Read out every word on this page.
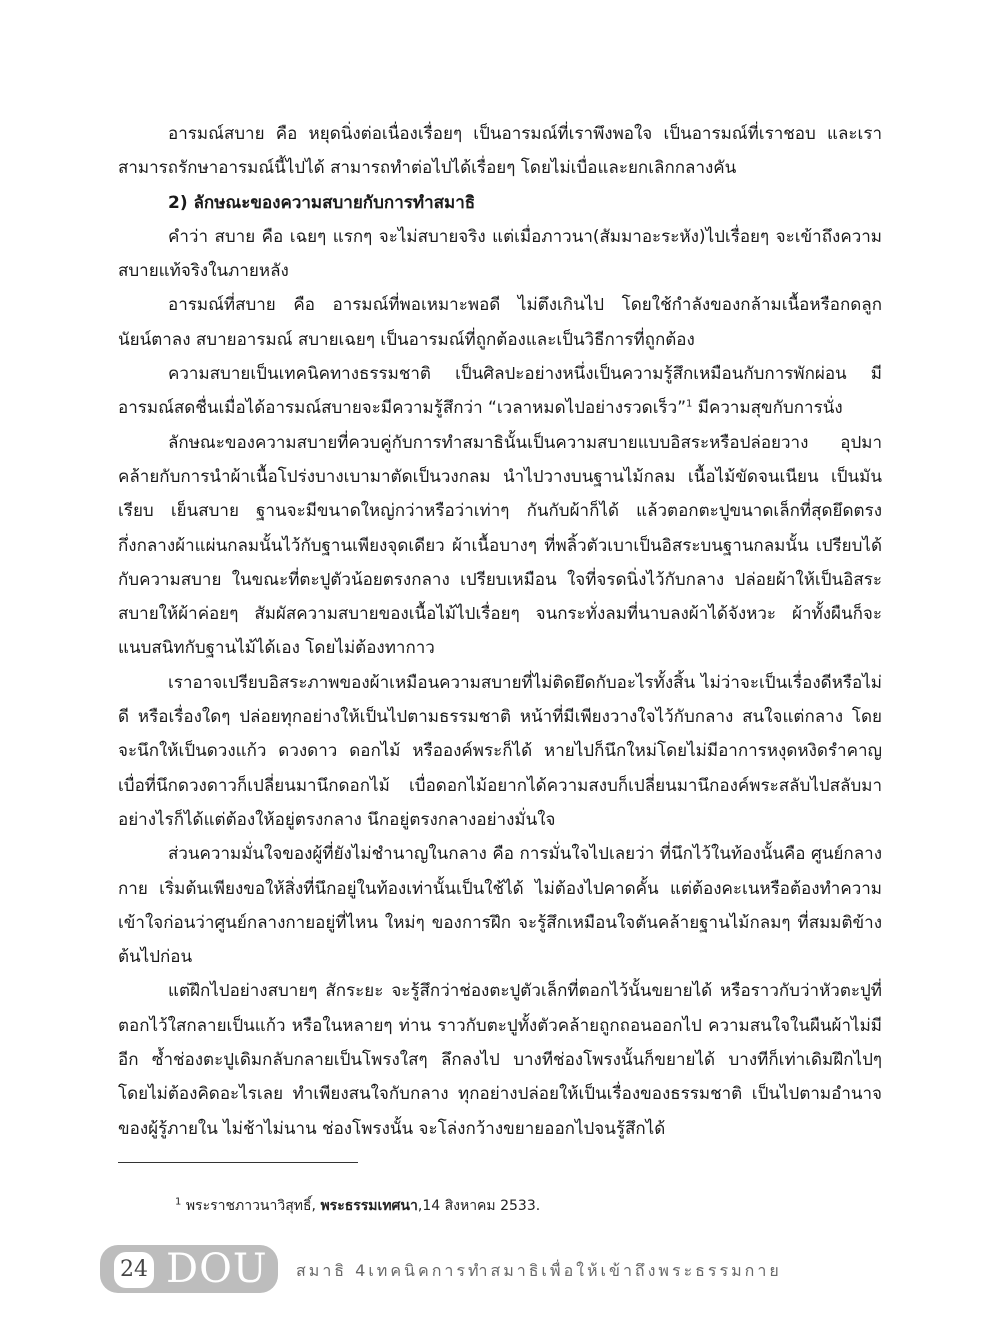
อารมณ์สบาย คือ หยุดนิ่งต่อเนื่องเรื่อยๆ เป็นอารมณ์ที่เราพึงพอใจ เป็นอารมณ์ที่เราชอบ และเราสามารถรักษาอารมณ์นี้ไปได้ สามารถทำต่อไปได้เรื่อยๆ โดยไม่เบื่อและยกเลิกกลางคัน

2) ลักษณะของความสบายกับการทำสมาธิ

คำว่า สบาย คือ เฉยๆ แรกๆ จะไม่สบายจริง แต่เมื่อภาวนา(สัมมาอะระหัง)ไปเรื่อยๆ จะเข้าถึงความสบายแท้จริงในภายหลัง

อารมณ์ที่สบาย คือ อารมณ์ที่พอเหมาะพอดี ไม่ตึงเกินไป โดยใช้กำลังของกล้ามเนื้อหรือกดลูกนัยน์ตาลง สบายอารมณ์ สบายเฉยๆ เป็นอารมณ์ที่ถูกต้องและเป็นวิธีการที่ถูกต้อง

ความสบายเป็นเทคนิคทางธรรมชาติ เป็นศิลปะอย่างหนึ่งเป็นความรู้สึกเหมือนกับการพักผ่อน มีอารมณ์สดชื่นเมื่อได้อารมณ์สบายจะมีความรู้สึกว่า “เวลาหมดไปอย่างรวดเร็ว”$^1$ มีความสุขกับการนั่ง

ลักษณะของความสบายที่ควบคู่กับการทำสมาธินั้นเป็นความสบายแบบอิสระหรือปล่อยวาง อุปมา คล้ายกับการนำผ้าเนื้อโปร่งบางเบามาตัดเป็นวงกลม นำไปวางบนฐานไม้กลม เนื้อไม้ขัดจนเนียน เป็นมันเรียบ เย็นสบาย ฐานจะมีขนาดใหญ่กว่าหรือว่าเท่าๆ กันกับผ้าก็ได้ แล้วตอกตะปูขนาดเล็กที่สุดยึดตรงกึ่งกลางผ้าแผ่นกลมนั้นไว้กับฐานเพียงจุดเดียว ผ้าเนื้อบางๆ ที่พลิ้วตัวเบาเป็นอิสระบนฐานกลมนั้น เปรียบได้กับความสบาย ในขณะที่ตะปูตัวน้อยตรงกลาง เปรียบเหมือน ใจที่จรดนิ่งไว้กับกลาง ปล่อยผ้าให้เป็นอิสระสบายให้ผ้าค่อยๆ สัมผัสความสบายของเนื้อไม้ไปเรื่อยๆ จนกระทั่งลมที่นาบลงผ้าได้จังหวะ ผ้าทั้งผืนก็จะแนบสนิทกับฐานไม้ได้เอง โดยไม่ต้องทากาว

เราอาจเปรียบอิสระภาพของผ้าเหมือนความสบายที่ไม่ติดยึดกับอะไรทั้งสิ้น ไม่ว่าจะเป็นเรื่องดีหรือไม่ดี หรือเรื่องใดๆ ปล่อยทุกอย่างให้เป็นไปตามธรรมชาติ หน้าที่มีเพียงวางใจไว้กับกลาง สนใจแต่กลาง โดยจะนึกให้เป็นดวงแก้ว ดวงดาว ดอกไม้ หรือองค์พระก็ได้ หายไปก็นึกใหม่โดยไม่มีอาการหงุดหงิดรำคาญ เบื่อที่นึกดวงดาวก็เปลี่ยนมานึกดอกไม้ เบื่อดอกไม้อยากได้ความสงบก็เปลี่ยนมานึกองค์พระสลับไปสลับมาอย่างไรก็ได้แต่ต้องให้อยู่ตรงกลาง นึกอยู่ตรงกลางอย่างมั่นใจ

ส่วนความมั่นใจของผู้ที่ยังไม่ชำนาญในกลาง คือ การมั่นใจไปเลยว่า ที่นึกไว้ในท้องนั้นคือ ศูนย์กลางกาย เริ่มต้นเพียงขอให้สิ่งที่นึกอยู่ในท้องเท่านั้นเป็นใช้ได้ ไม่ต้องไปคาดคั้น แต่ต้องคะเนหรือต้องทำความเข้าใจก่อนว่าศูนย์กลางกายอยู่ที่ไหน ใหม่ๆ ของการฝึก จะรู้สึกเหมือนใจตันคล้ายฐานไม้กลมๆ ที่สมมติข้างต้นไปก่อน

แต่ฝึกไปอย่างสบายๆ สักระยะ จะรู้สึกว่าช่องตะปูตัวเล็กที่ตอกไว้นั้นขยายได้ หรือราวกับว่าหัวตะปูที่ตอกไว้ใสกลายเป็นแก้ว หรือในหลายๆ ท่าน ราวกับตะปูทั้งตัวคล้ายถูกถอนออกไป ความสนใจในผืนผ้าไม่มีอีก ซ้ำช่องตะปูเดิมกลับกลายเป็นโพรงใสๆ ลึกลงไป บางทีช่องโพรงนั้นก็ขยายได้ บางทีก็เท่าเดิมฝึกไปๆ โดยไม่ต้องคิดอะไรเลย ทำเพียงสนใจกับกลาง ทุกอย่างปล่อยให้เป็นเรื่องของธรรมชาติ เป็นไปตามอำนาจของผู้รู้ภายใน ไม่ช้าไม่นาน ช่องโพรงนั้น จะโล่งกว้างขยายออกไปจนรู้สึกได้

$^1$ พระราชภาวนาวิสุทธิ์, พระธรรมเทศนา,14 สิงหาคม 2533.
24 DOU สมาธิ 4เทคนิคการทำสมาธิเพื่อให้เข้าถึงพระธรรมกาย
